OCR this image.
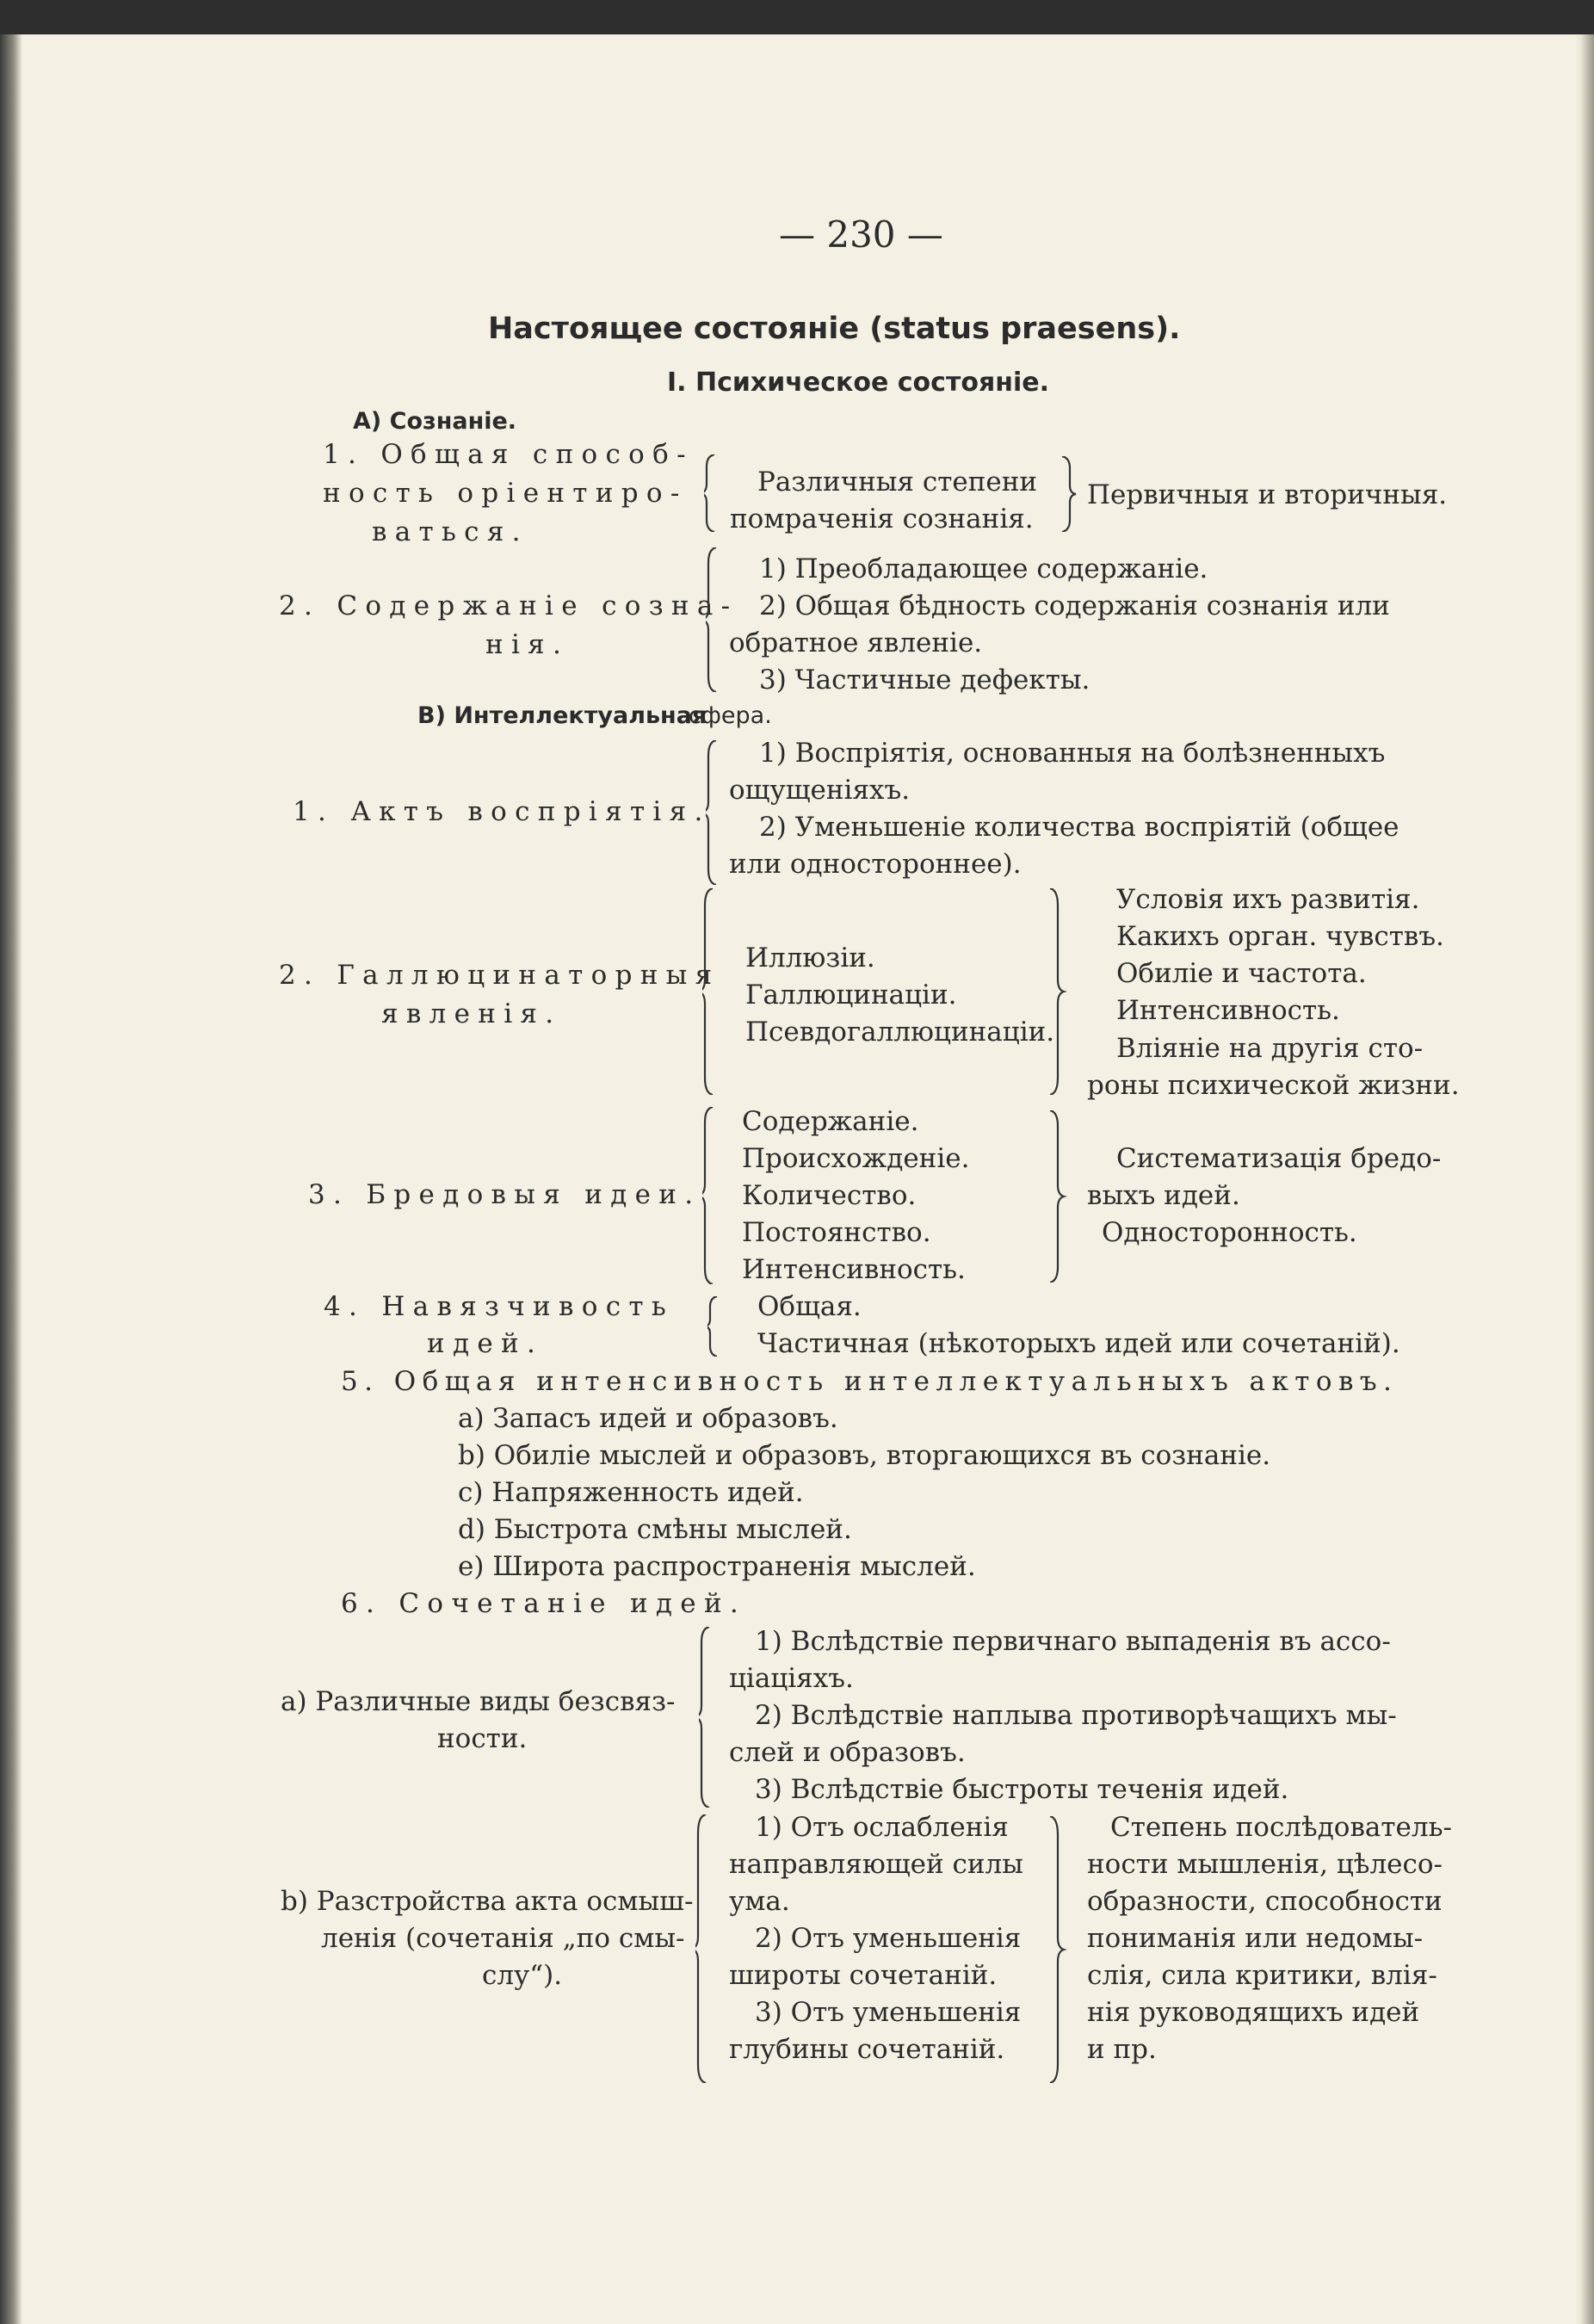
— 230 —
Настоящее состояніе (status praesens).
I. Психическое состояніе.
А) Сознаніе.
1. Общая способ-
ность оріентиро-
ваться.
Различныя степени
помраченія сознанія.
Первичныя и вторичныя.
2. Содержаніе созна-
нія.
1) Преобладающее содержаніе.
2) Общая бѣдность содержанія сознанія или
обратное явленіе.
3) Частичные дефекты.
В) Интеллектуальная
сфера.
1. Актъ воспріятія.
1) Воспріятія, основанныя на болѣзненныхъ
ощущеніяхъ.
2) Уменьшеніе количества воспріятій (общее
или одностороннее).
2. Галлюцинаторныя
явленія.
Иллюзіи.
Галлюцинаціи.
Псевдогаллюцинаціи.
Условія ихъ развитія.
Какихъ орган. чувствъ.
Обиліе и частота.
Интенсивность.
Вліяніе на другія сто-
роны психической жизни.
3. Бредовыя идеи.
Содержаніе.
Происхожденіе.
Количество.
Постоянство.
Интенсивность.
Систематизація бредо-
выхъ идей.
Односторонность.
4. Навязчивость
идей.
Общая.
Частичная (нѣкоторыхъ идей или сочетаній).
5. Общая интенсивность интеллектуальныхъ актовъ.
a) Запасъ идей и образовъ.
b) Обиліе мыслей и образовъ, вторгающихся въ сознаніе.
c) Напряженность идей.
d) Быстрота смѣны мыслей.
e) Широта распространенія мыслей.
6. Сочетаніе идей.
a) Различные виды безсвяз-
ности.
1) Вслѣдствіе первичнаго выпаденія въ ассо-
ціаціяхъ.
2) Вслѣдствіе наплыва противорѣчащихъ мы-
слей и образовъ.
3) Вслѣдствіе быстроты теченія идей.
b) Разстройства акта осмыш-
ленія (сочетанія „по смы-
слу“).
1) Отъ ослабленія
направляющей силы
ума.
2) Отъ уменьшенія
широты сочетаній.
3) Отъ уменьшенія
глубины сочетаній.
Степень послѣдователь-
ности мышленія, цѣлесо-
образности, способности
пониманія или недомы-
слія, сила критики, влія-
нія руководящихъ идей
и пр.
